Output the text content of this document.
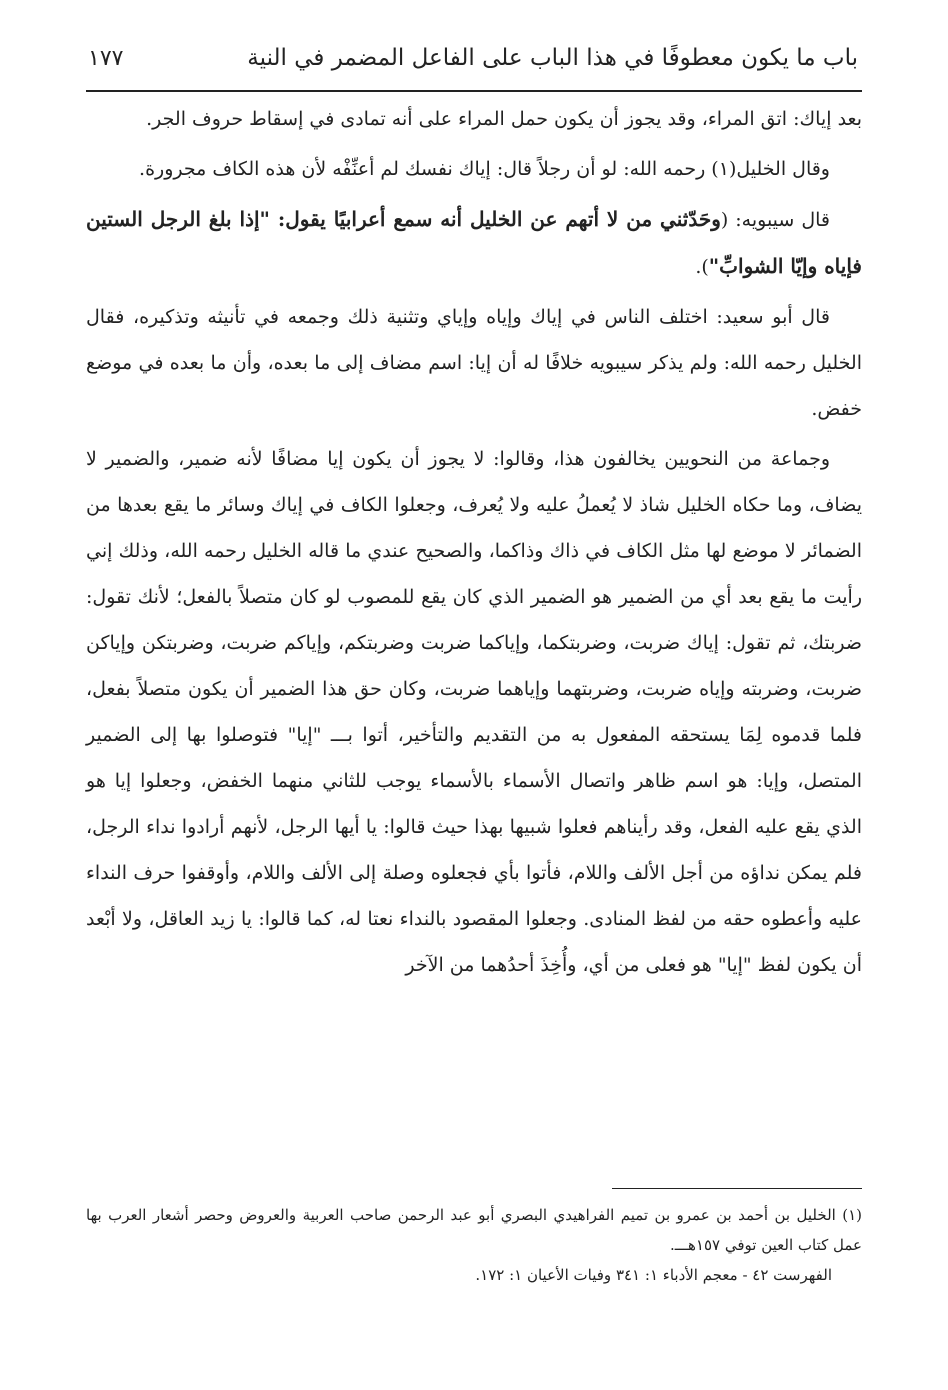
باب ما يكون معطوفًا في هذا الباب على الفاعل المضمر في النية
١٧٧

بعد إياك: اتق المراء، وقد يجوز أن يكون حمل المراء على أنه تمادى في إسقاط حروف الجر.

وقال الخليل(١) رحمه الله: لو أن رجلاً قال: إياك نفسك لم أعنِّفْه لأن هذه الكاف مجرورة.

قال سيبويه: (وحَدّثني من لا أتهم عن الخليل أنه سمع أعرابيًا يقول: "إذا بلغ الرجل الستين فإياه وإيّا الشوابِّ").

قال أبو سعيد: اختلف الناس في إياك وإياه وإياي وتثنية ذلك وجمعه في تأنيثه وتذكيره، فقال الخليل رحمه الله: ولم يذكر سيبويه خلافًا له أن إيا: اسم مضاف إلى ما بعده، وأن ما بعده في موضع خفض.

وجماعة من النحويين يخالفون هذا، وقالوا: لا يجوز أن يكون إيا مضافًا لأنه ضمير، والضمير لا يضاف، وما حكاه الخليل شاذ لا يُعملُ عليه ولا يُعرف، وجعلوا الكاف في إياك وسائر ما يقع بعدها من الضمائر لا موضع لها مثل الكاف في ذاك وذاكما، والصحيح عندي ما قاله الخليل رحمه الله، وذلك إني رأيت ما يقع بعد أي من الضمير هو الضمير الذي كان يقع للمصوب لو كان متصلاً بالفعل؛ لأنك تقول: ضربتك، ثم تقول: إياك ضربت، وضربتكما، وإياكما ضربت وضربتكم، وإياكم ضربت، وضربتكن وإياكن ضربت، وضربته وإياه ضربت، وضربتهما وإياهما ضربت، وكان حق هذا الضمير أن يكون متصلاً بفعل، فلما قدموه لِمَا يستحقه المفعول به من التقديم والتأخير، أتوا بـــ "إيا" فتوصلوا بها إلى الضمير المتصل، وإيا: هو اسم ظاهر واتصال الأسماء بالأسماء يوجب للثاني منهما الخفض، وجعلوا إيا هو الذي يقع عليه الفعل، وقد رأيناهم فعلوا شبيها بهذا حيث قالوا: يا أيها الرجل، لأنهم أرادوا نداء الرجل، فلم يمكن نداؤه من أجل الألف واللام، فأتوا بأي فجعلوه وصلة إلى الألف واللام، وأوقفوا حرف النداء عليه وأعطوه حقه من لفظ المنادى. وجعلوا المقصود بالنداء نعتا له، كما قالوا: يا زيد العاقل، ولا أبْعد أن يكون لفظ "إيا" هو فعلى من أي، وأُخِذَ أحدُهما من الآخر

(١) الخليل بن أحمد بن عمرو بن تميم الفراهيدي البصري أبو عبد الرحمن صاحب العربية والعروض وحصر أشعار العرب بها عمل كتاب العين توفي ١٥٧هـــ.

الفهرست ٤٢ - معجم الأدباء ١: ٣٤١ وفيات الأعيان ١: ١٧٢.
